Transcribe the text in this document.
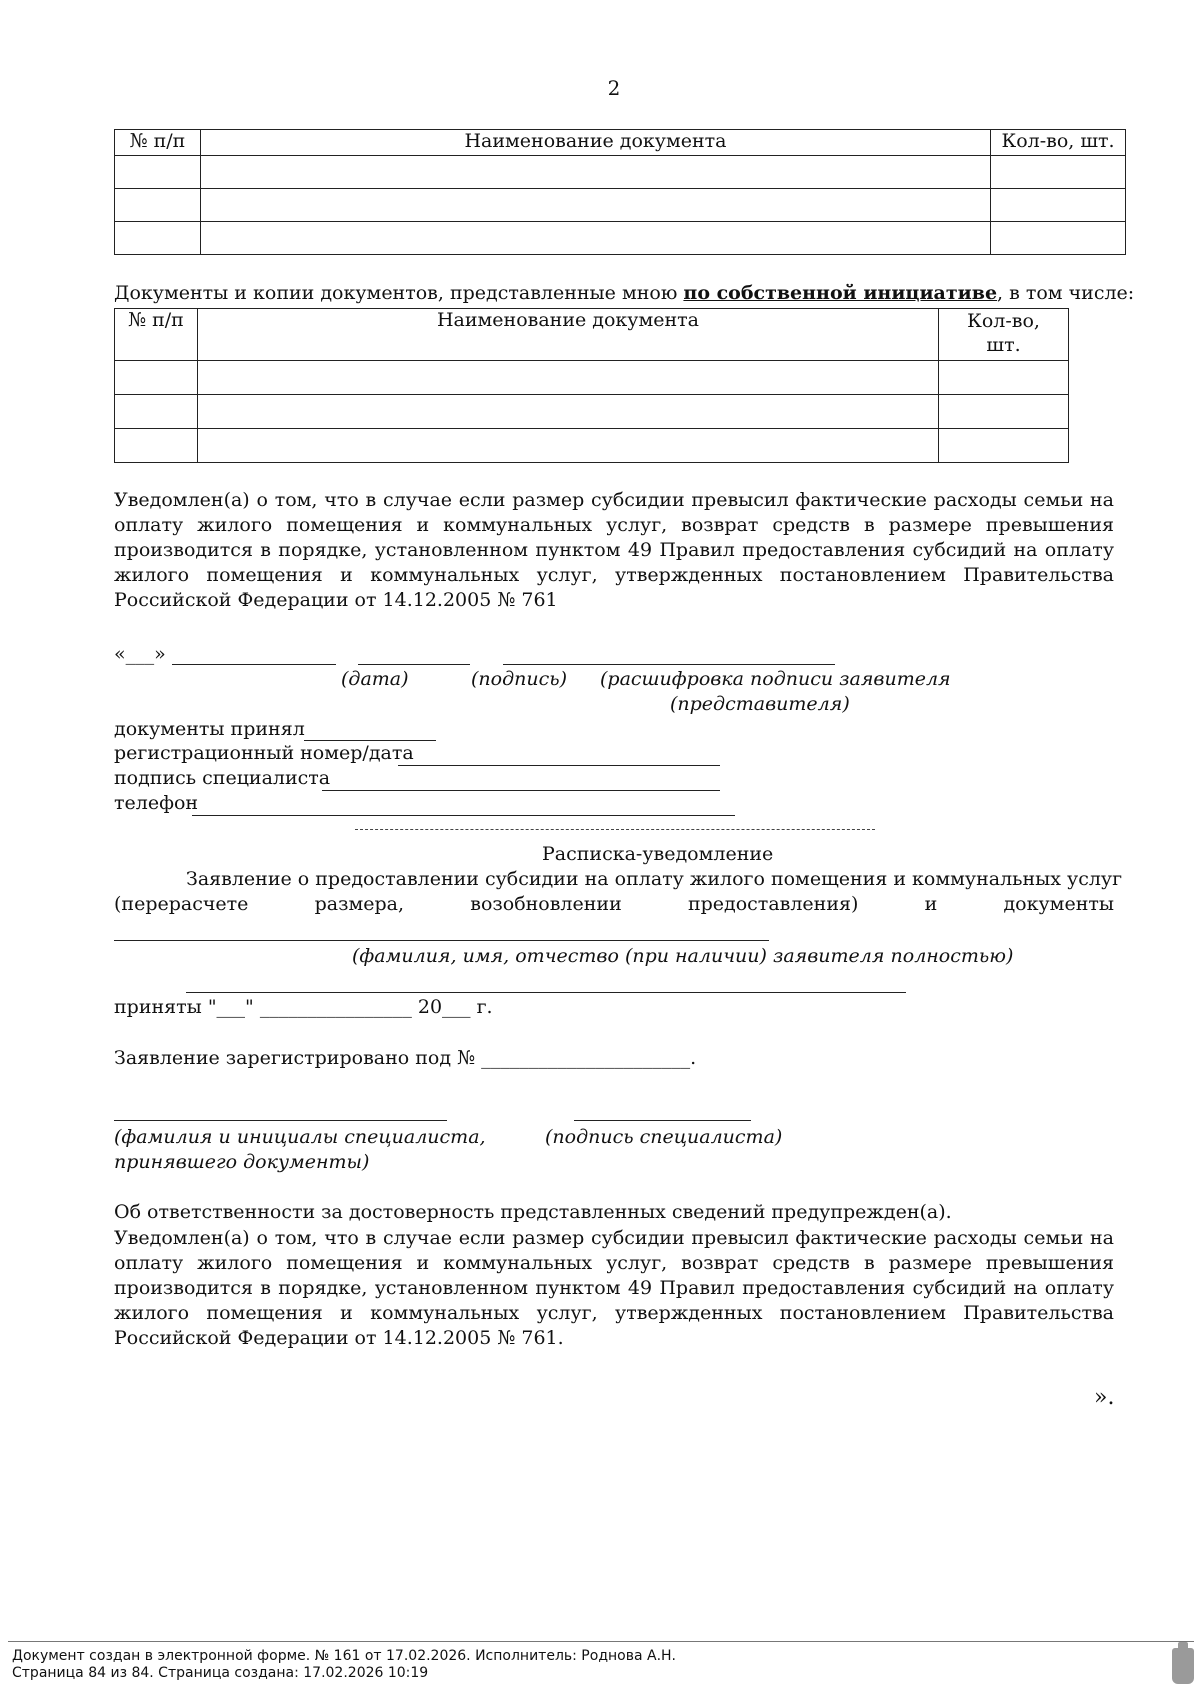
2
№ п/п	Наименование документа	Кол-во, шт.

Документы и копии документов, представленные мною по собственной инициативе, в том числе:
№ п/п	Наименование документа	Кол-во, шт.

Уведомлен(а) о том, что в случае если размер субсидии превысил фактические расходы семьи на оплату жилого помещения и коммунальных услуг, возврат средств в размере превышения производится в порядке, установленном пунктом 49 Правил предоставления субсидий на оплату жилого помещения и коммунальных услуг, утвержденных постановлением Правительства Российской Федерации от 14.12.2005 № 761
«___»
(дата)	(подпись) (расшифровка подписи заявителя
(представителя)
документы принял
регистрационный номер/дата
подпись специалиста
телефон
Расписка-уведомление
Заявление о предоставлении субсидии на оплату жилого помещения и коммунальных услуг
(перерасчете размера, возобновлении предоставления) и документы
(фамилия, имя, отчество (при наличии) заявителя полностью)
приняты "___" ________________ 20___ г.
Заявление зарегистрировано под № ______________________.
(фамилия и инициалы специалиста,	(подпись специалиста)
принявшего документы)
Об ответственности за достоверность представленных сведений предупрежден(а).
Уведомлен(а) о том, что в случае если размер субсидии превысил фактические расходы семьи на оплату жилого помещения и коммунальных услуг, возврат средств в размере превышения производится в порядке, установленном пунктом 49 Правил предоставления субсидий на оплату жилого помещения и коммунальных услуг, утвержденных постановлением Правительства Российской Федерации от 14.12.2005 № 761.
».
Документ создан в электронной форме. № 161 от 17.02.2026. Исполнитель: Роднова А.Н.
Страница 84 из 84. Страница создана: 17.02.2026 10:19
